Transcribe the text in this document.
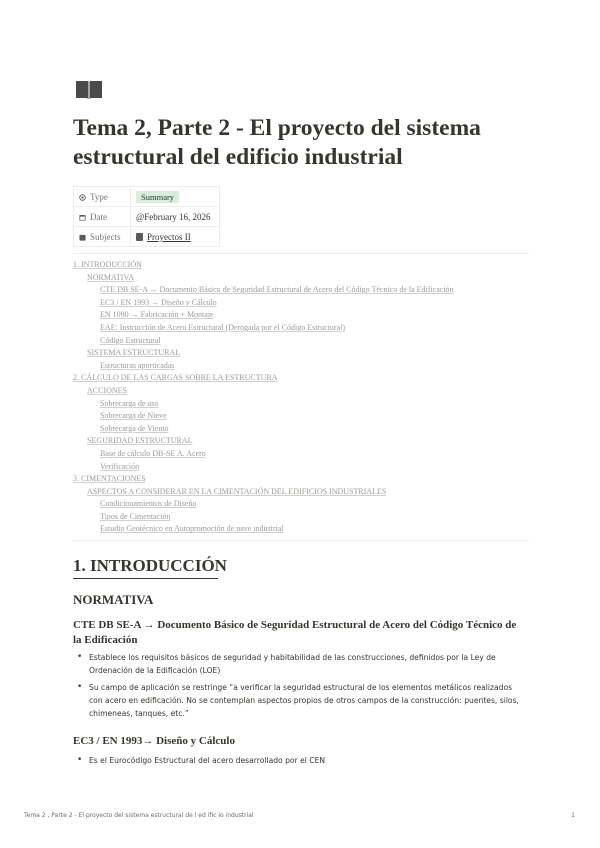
Tema 2, Parte 2 - El proyecto del sistema estructural del edificio industrial
Type	Summary
Date	@February 16, 2026
Subjects	Proyectos II
1. INTRODUCCIÓN
NORMATIVA
CTE DB SE-A → Documento Básico de Seguridad Estructural de Acero del Código Técnico de la Edificación
EC3 / EN 1993 → Diseño y Cálculo
EN 1090 → Fabricación + Montaje
EAE: Instrucción de Acero Estructural (Derogada por el Código Estructural)
Código Estructural
SISTEMA ESTRUCTURAL
Estructuras aporticadas
2. CÁLCULO DE LAS CARGAS SOBRE LA ESTRUCTURA
ACCIONES
Sobrecarga de uso
Sobrecarga de Nieve
Sobrecarga de Viento
SEGURIDAD ESTRUCTURAL
Base de cálculo DB-SE A. Acero
Verificación
3. CIMENTACIONES
ASPECTOS A CONSIDERAR EN LA CIMENTACIÓN DEL EDIFICIOS INDUSTRIALES
Condicionamientos de Diseño
Tipos de Cimentación
Estudio Geotécnico en Autopromoción de nave industrial
1. INTRODUCCIÓN
NORMATIVA
CTE DB SE-A → Documento Básico de Seguridad Estructural de Acero del Código Técnico de la Edificación
• Establece los requisitos básicos de seguridad y habitabilidad de las construcciones, definidos por la Ley de Ordenación de la Edificación (LOE)
• Su campo de aplicación se restringe “a verificar la seguridad estructural de los elementos metálicos realizados con acero en edificación. No se contemplan aspectos propios de otros campos de la construcción: puentes, silos, chimeneas, tanques, etc.”
EC3 / EN 1993→ Diseño y Cálculo
• Es el Eurocódigo Estructural del acero desarrollado por el CEN
Tema 2 , Parte 2 - El proyecto del sistema estructural de l ed ific io industrial	1
